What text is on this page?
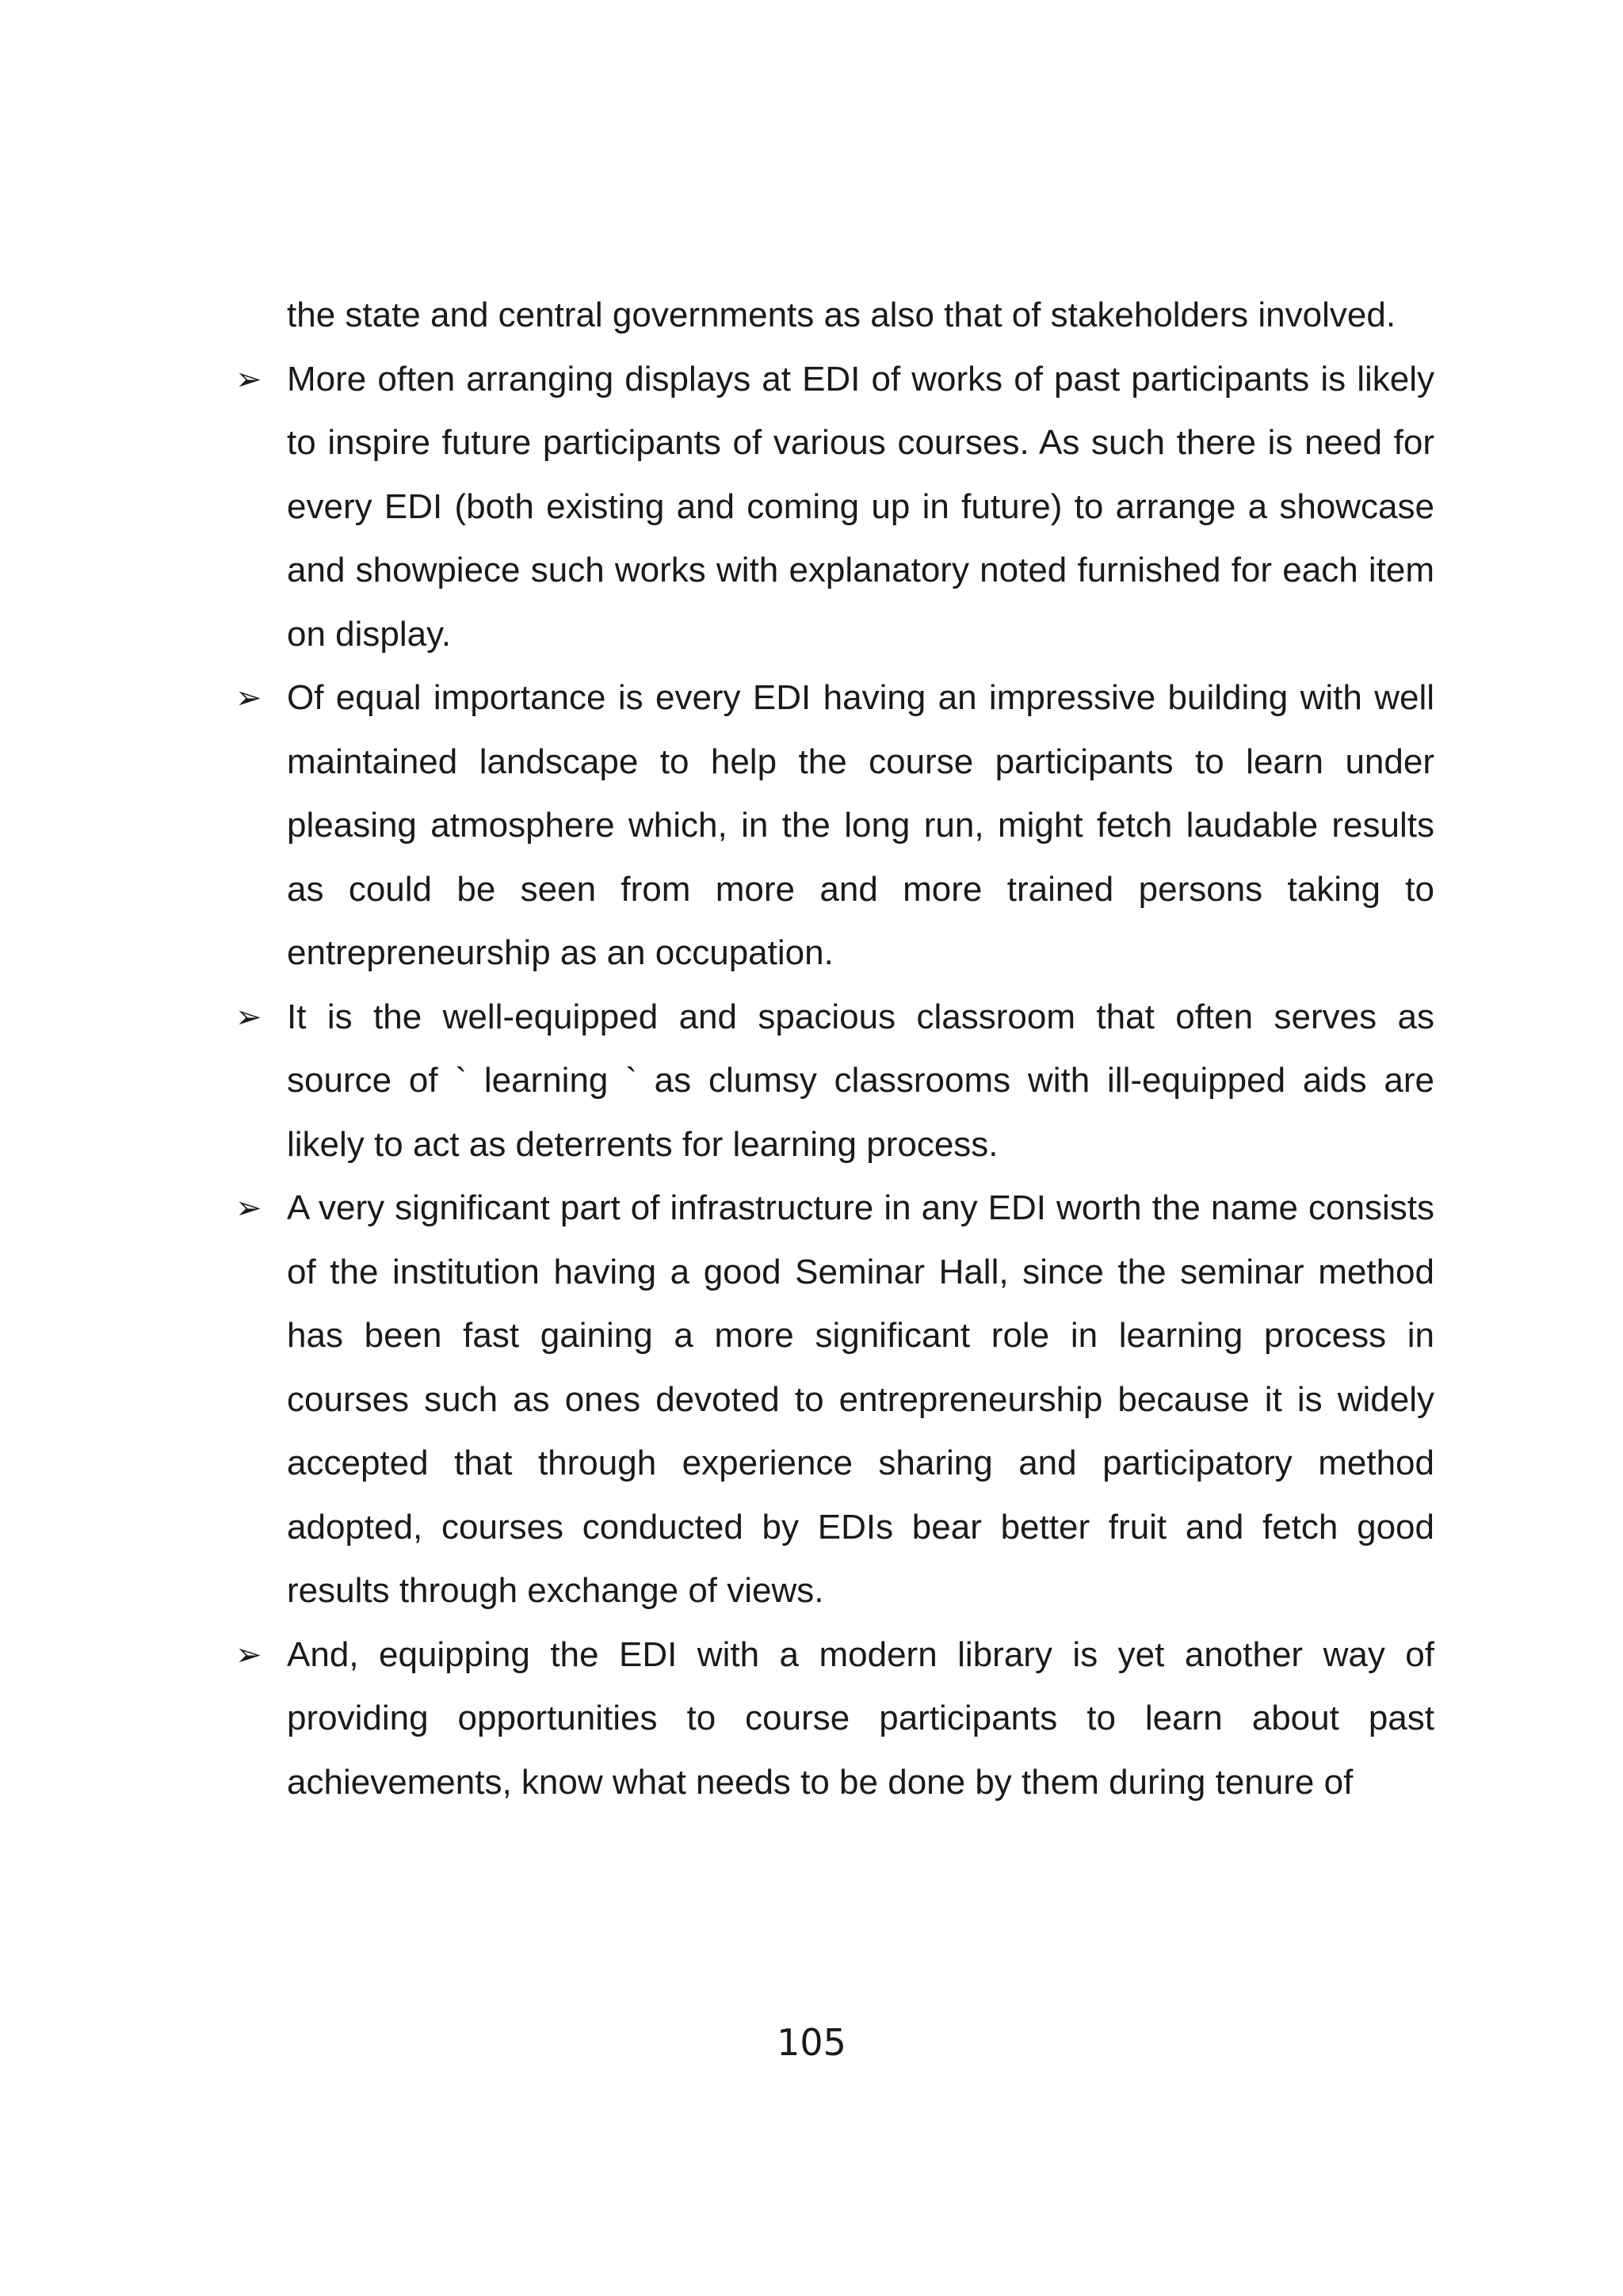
the state and central governments as also that of stakeholders involved.

➢ More often arranging displays at EDI of works of past participants is likely to inspire future participants of various courses. As such there is need for every EDI (both existing and coming up in future) to arrange a showcase and showpiece such works with explanatory noted furnished for each item on display.

➢ Of equal importance is every EDI having an impressive building with well maintained landscape to help the course participants to learn under pleasing atmosphere which, in the long run, might fetch laudable results as could be seen from more and more trained persons taking to entrepreneurship as an occupation.

➢ It is the well-equipped and spacious classroom that often serves as source of ` learning ` as clumsy classrooms with ill-equipped aids are likely to act as deterrents for learning process.

➢ A very significant part of infrastructure in any EDI worth the name consists of the institution having a good Seminar Hall, since the seminar method has been fast gaining a more significant role in learning process in courses such as ones devoted to entrepreneurship because it is widely accepted that through experience sharing and participatory method adopted, courses conducted by EDIs bear better fruit and fetch good results through exchange of views.

➢ And, equipping the EDI with a modern library is yet another way of providing opportunities to course participants to learn about past achievements, know what needs to be done by them during tenure of

105
